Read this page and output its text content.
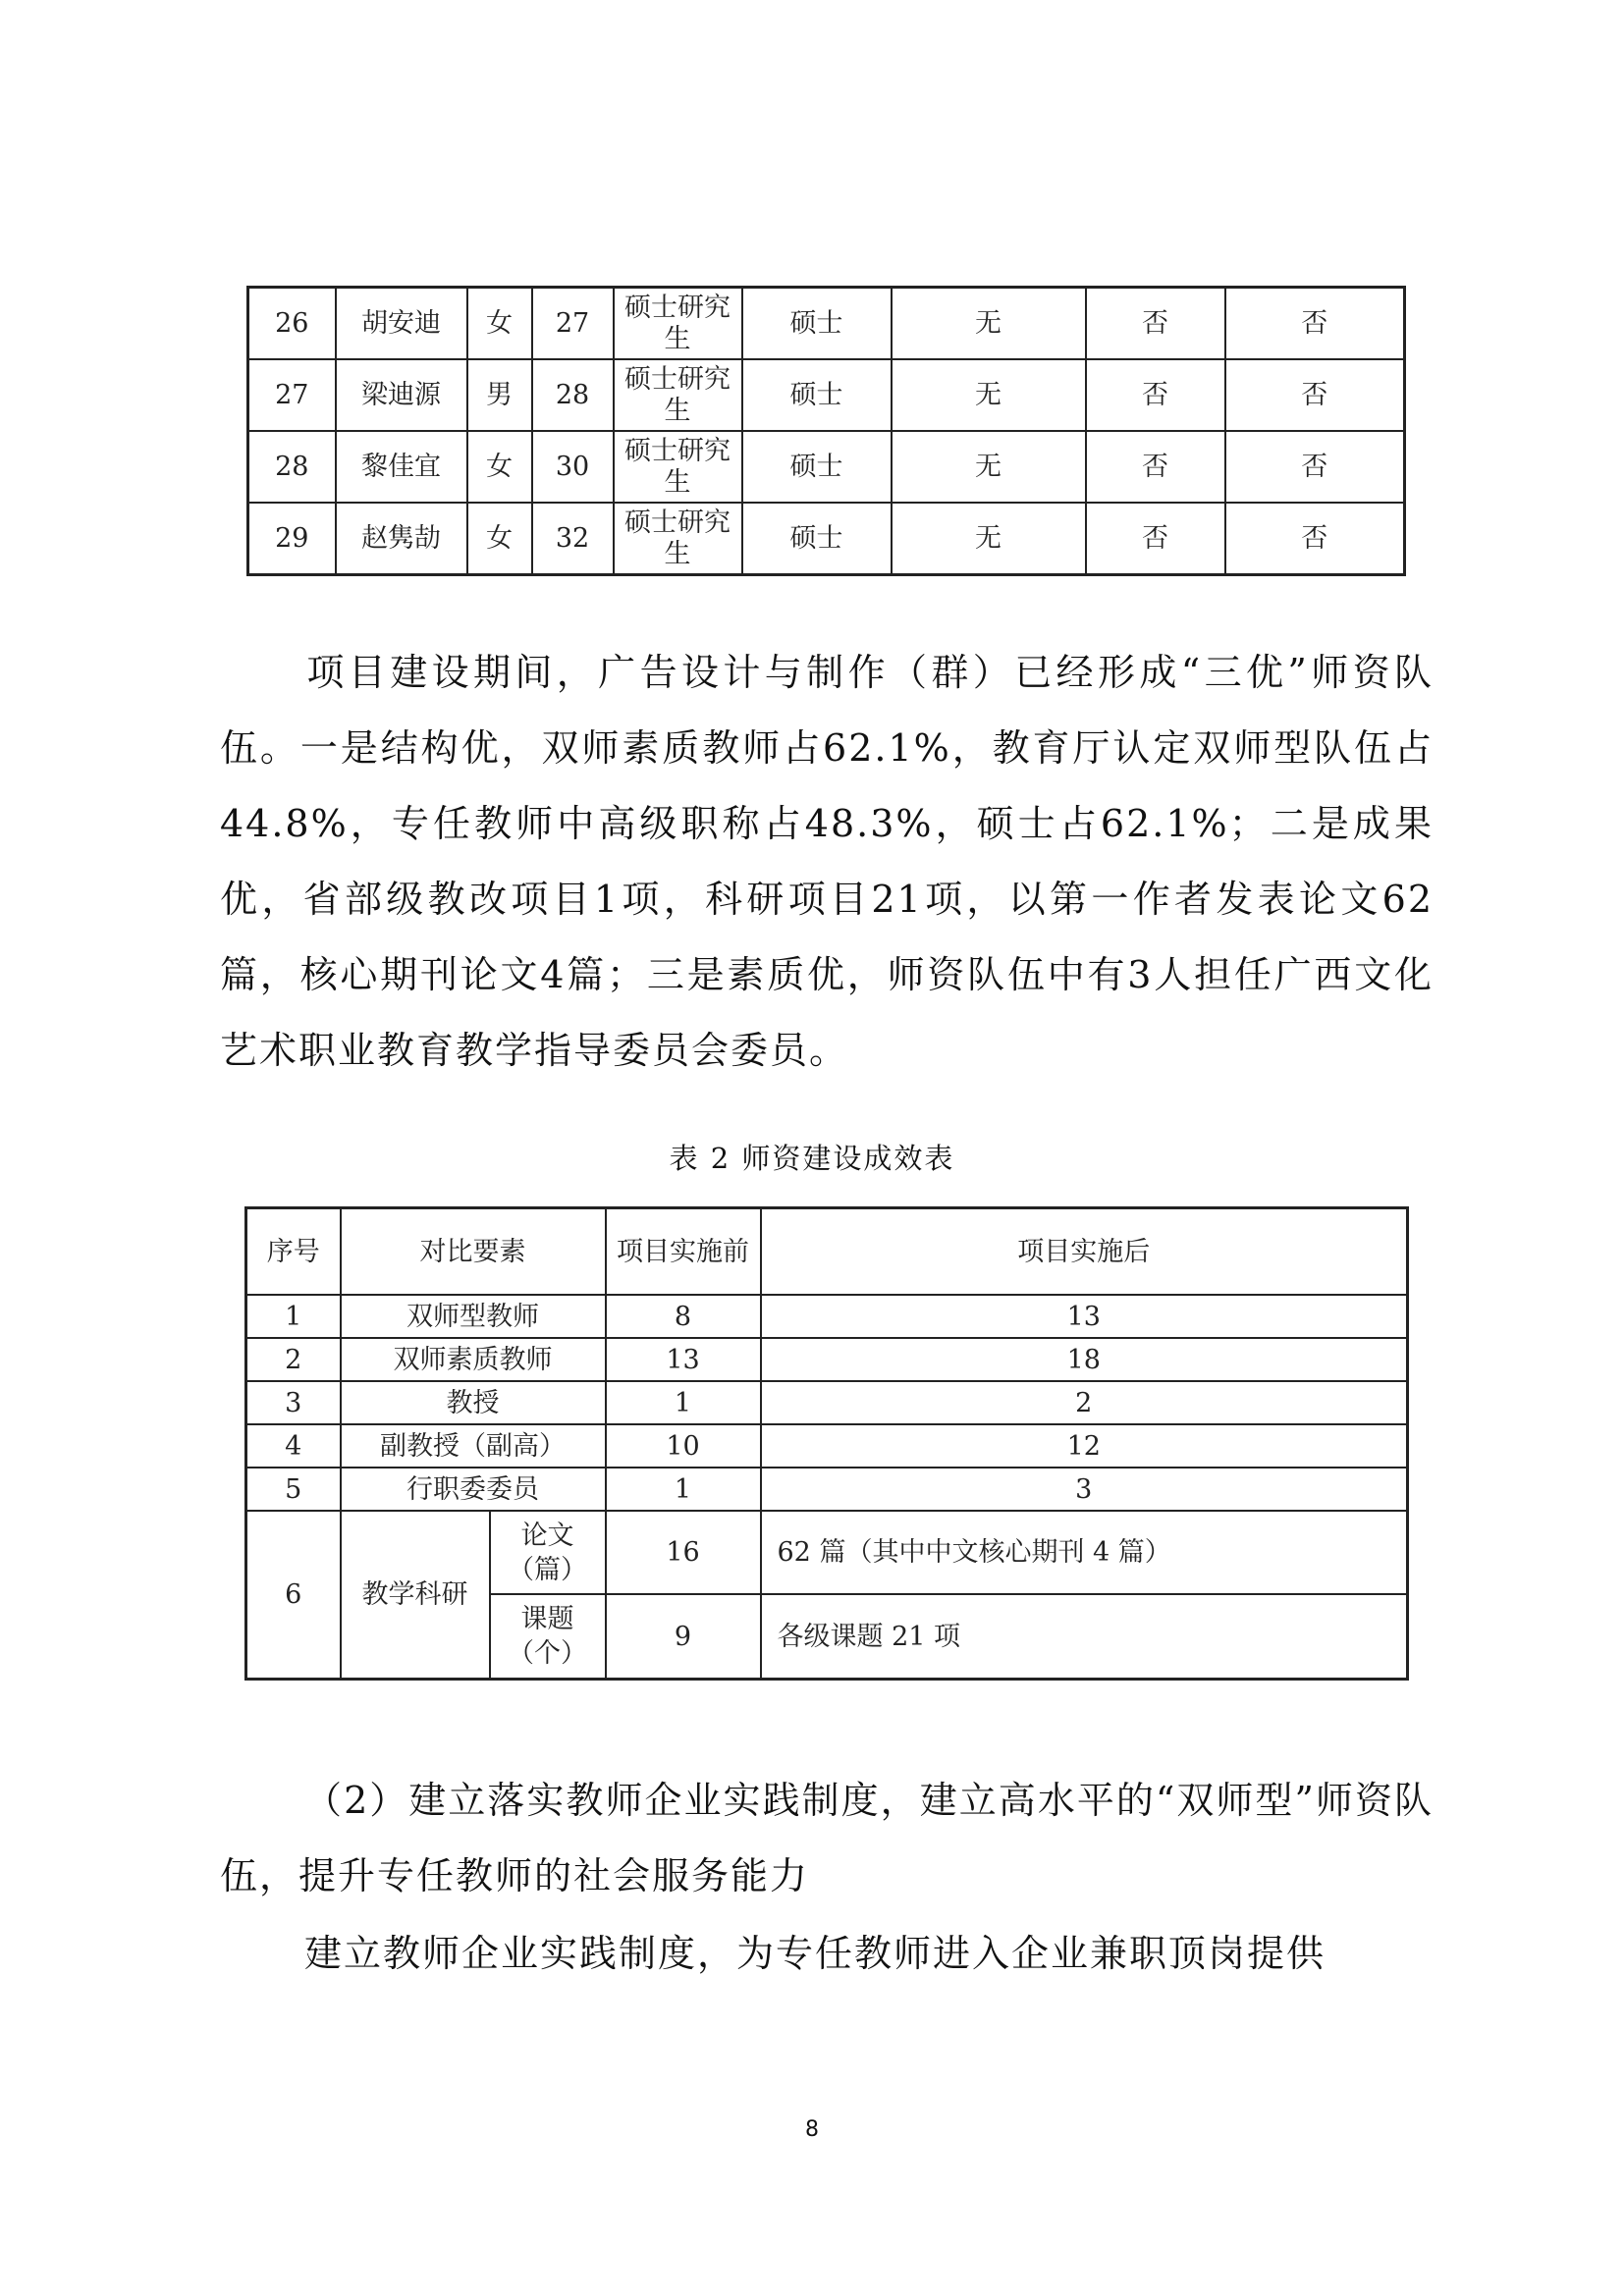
26	胡安迪	女	27	硕士研究生	硕士	无	否	否
27	梁迪源	男	28	硕士研究生	硕士	无	否	否
28	黎佳宜	女	30	硕士研究生	硕士	无	否	否
29	赵隽劼	女	32	硕士研究生	硕士	无	否	否

项目建设期间，广告设计与制作（群）已经形成“三优”师资队伍。一是结构优，双师素质教师占62.1%，教育厅认定双师型队伍占44.8%，专任教师中高级职称占48.3%，硕士占62.1%；二是成果优，省部级教改项目1项，科研项目21项，以第一作者发表论文62篇，核心期刊论文4篇；三是素质优，师资队伍中有3人担任广西文化艺术职业教育教学指导委员会委员。

表 2 师资建设成效表
序号	对比要素		项目实施前	项目实施后
1	双师型教师		8	13
2	双师素质教师		13	18
3	教授		1	2
4	副教授（副高）		10	12
5	行职委委员		1	3
6	教学科研	论文（篇）	16	62 篇（其中中文核心期刊 4 篇）
		课题（个）	9	各级课题 21 项

（2）建立落实教师企业实践制度，建立高水平的“双师型”师资队伍，提升专任教师的社会服务能力

建立教师企业实践制度，为专任教师进入企业兼职顶岗提供

8
